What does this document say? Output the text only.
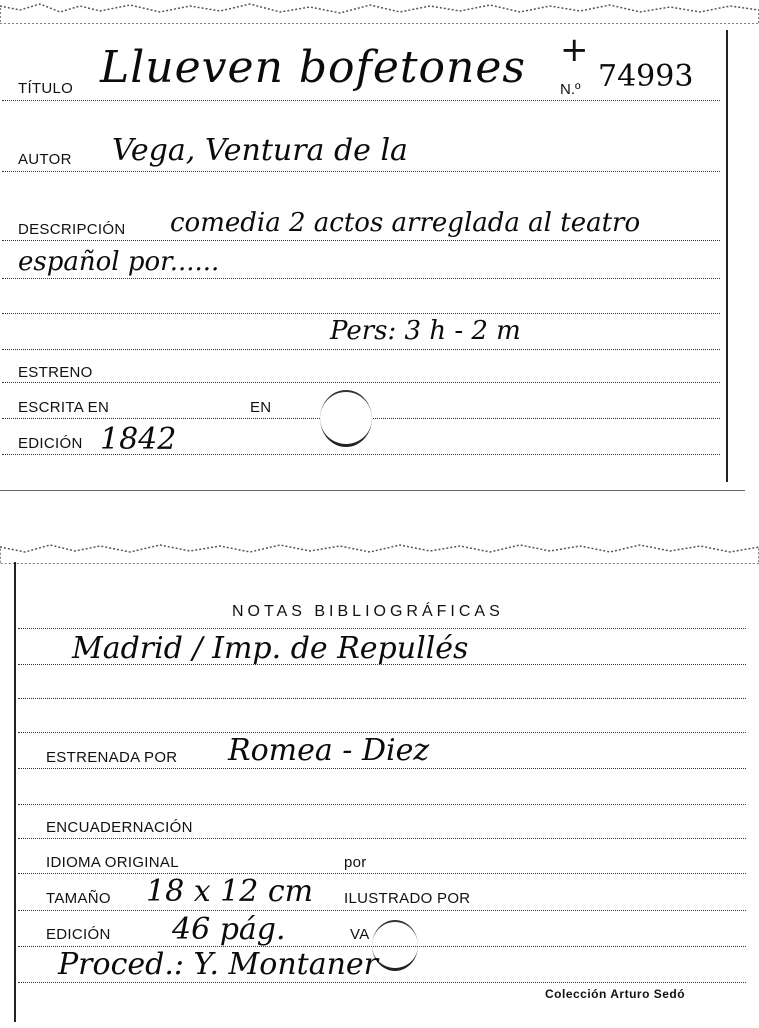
TÍTULO Llueven bofetones +
N.º 74993
AUTOR Vega, Ventura de la
DESCRIPCIÓN comedia 2 actos arreglada al teatro
español por......
Pers: 3 h - 2 m
ESTRENO
ESCRITA EN	EN
EDICIÓN 1842
NOTAS BIBLIOGRÁFICAS
Madrid / Imp. de Repullés
ESTRENADA POR Romea - Diez
ENCUADERNACIÓN
IDIOMA ORIGINAL	por
TAMAÑO 18 x 12 cm ILUSTRADO POR
EDICIÓN 46 pág.	VA
Proced.: Y. Montaner
Colección Arturo Sedó
